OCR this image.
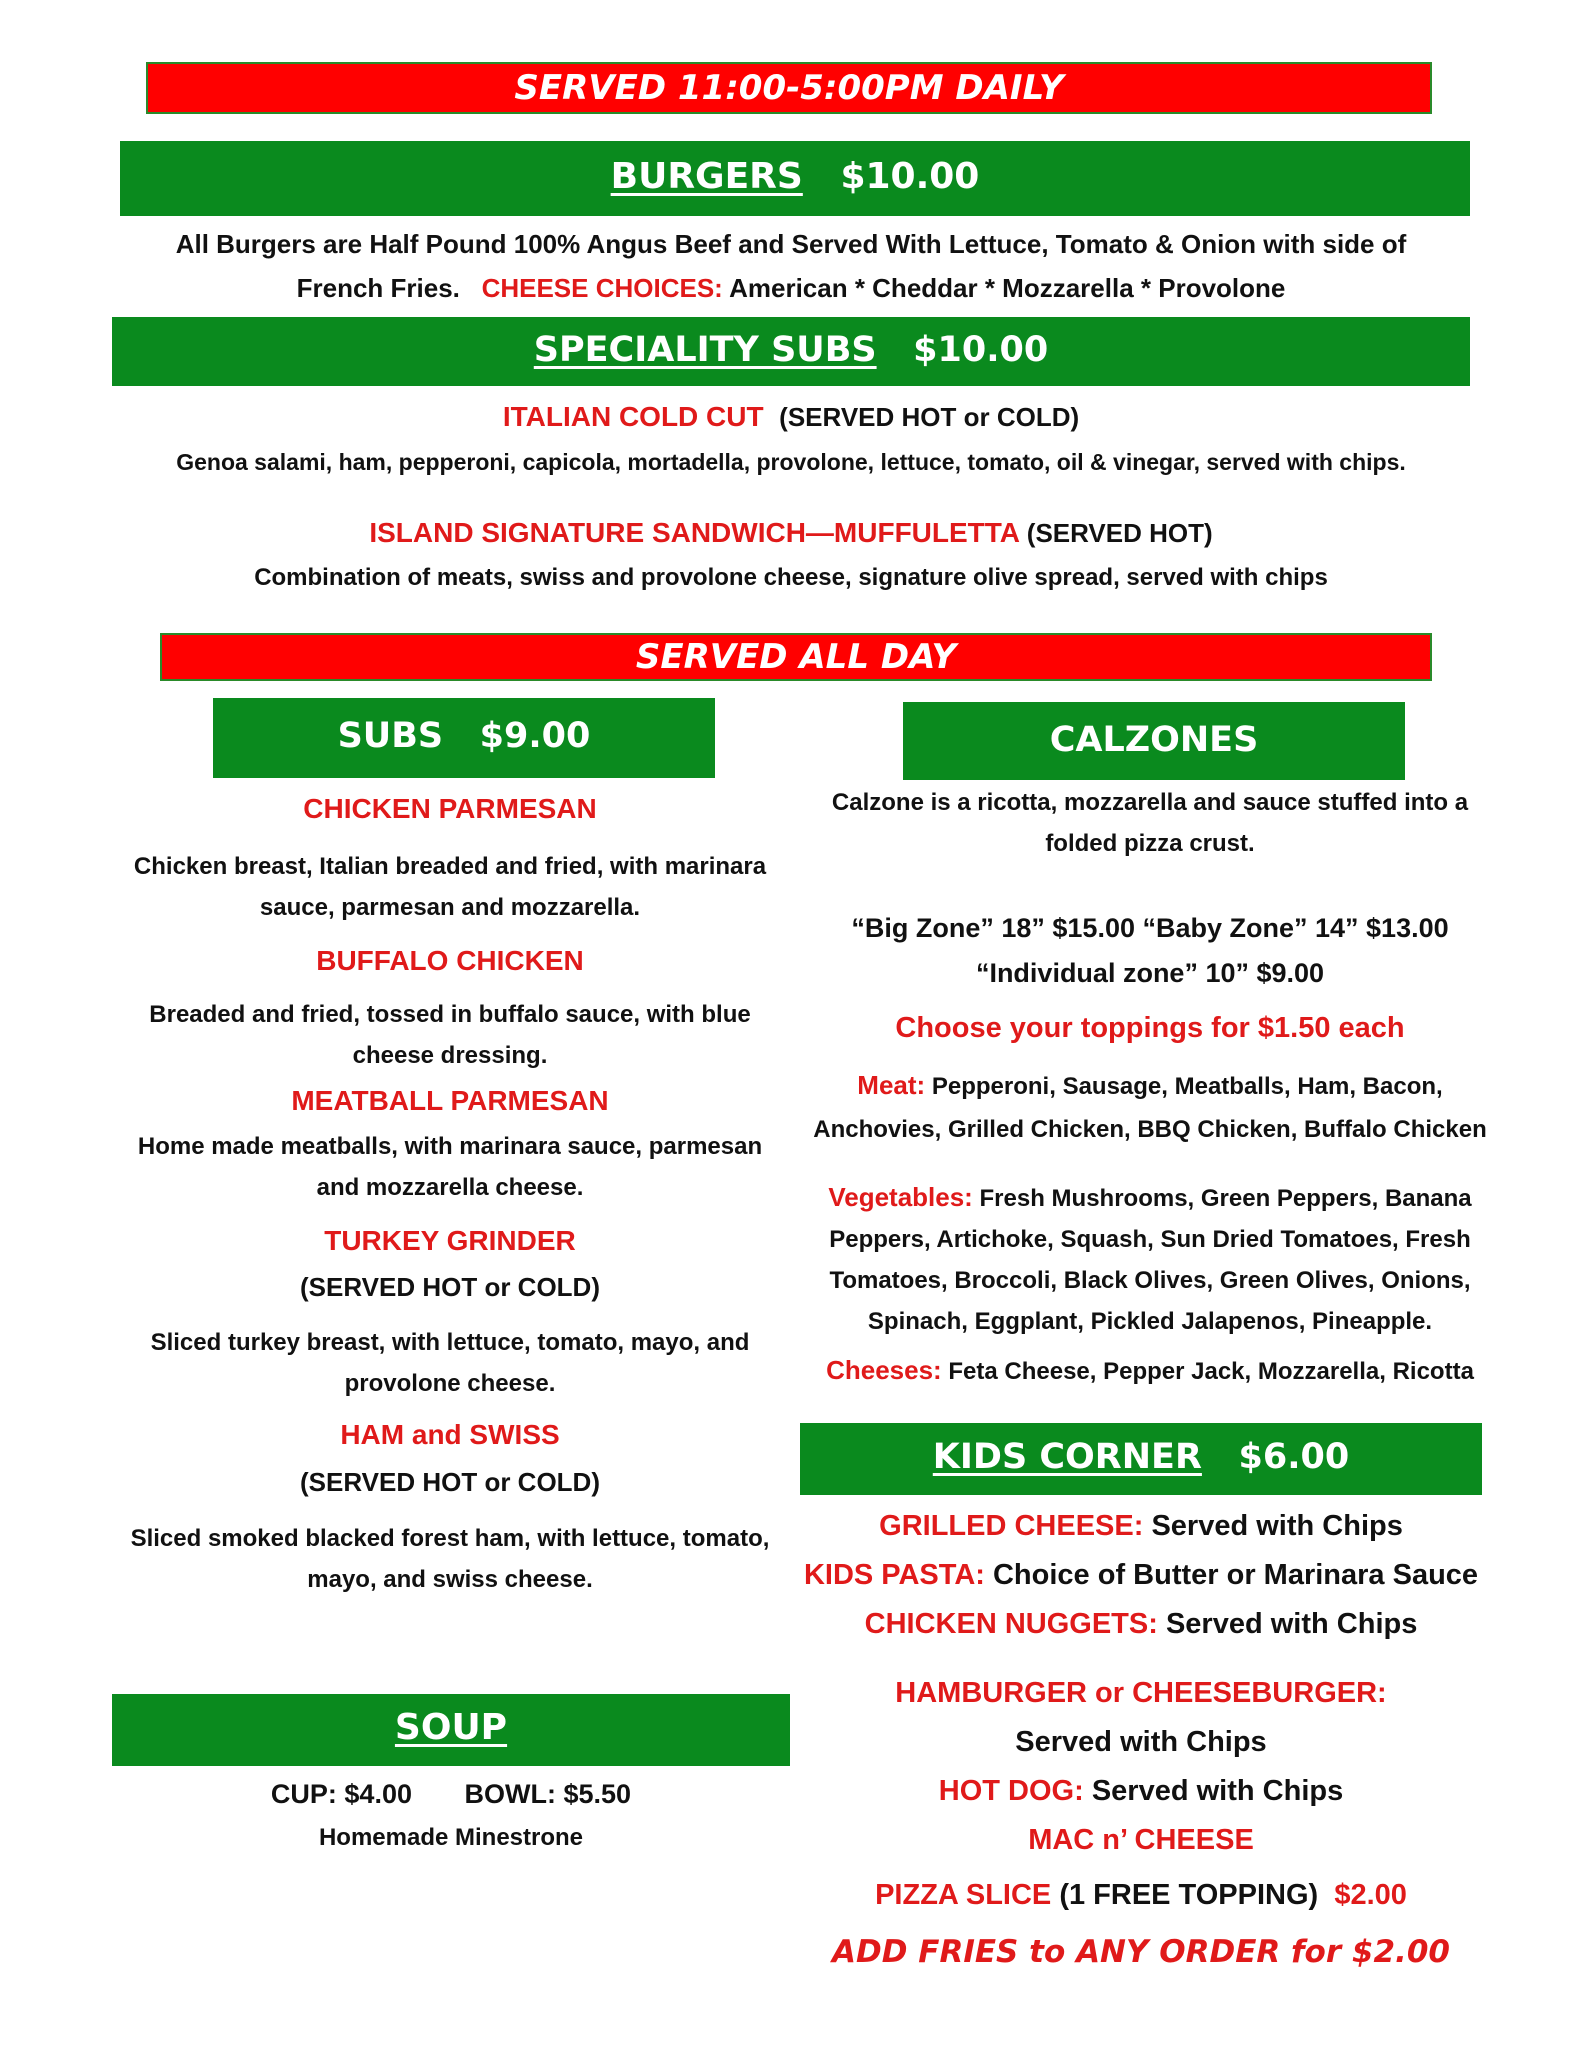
SERVED 11:00-5:00PM DAILY
BURGERS $10.00
All Burgers are Half Pound 100% Angus Beef and Served With Lettuce, Tomato & Onion with side of
French Fries. CHEESE CHOICES: American * Cheddar * Mozzarella * Provolone
SPECIALITY SUBS $10.00
ITALIAN COLD CUT (SERVED HOT or COLD)
Genoa salami, ham, pepperoni, capicola, mortadella, provolone, lettuce, tomato, oil & vinegar, served with chips.
ISLAND SIGNATURE SANDWICH—MUFFULETTA (SERVED HOT)
Combination of meats, swiss and provolone cheese, signature olive spread, served with chips
SERVED ALL DAY
SUBS $9.00
CHICKEN PARMESAN
Chicken breast, Italian breaded and fried, with marinara
sauce, parmesan and mozzarella.
BUFFALO CHICKEN
Breaded and fried, tossed in buffalo sauce, with blue
cheese dressing.
MEATBALL PARMESAN
Home made meatballs, with marinara sauce, parmesan
and mozzarella cheese.
TURKEY GRINDER
(SERVED HOT or COLD)
Sliced turkey breast, with lettuce, tomato, mayo, and
provolone cheese.
HAM and SWISS
(SERVED HOT or COLD)
Sliced smoked blacked forest ham, with lettuce, tomato,
mayo, and swiss cheese.
SOUP
CUP: $4.00 BOWL: $5.50
Homemade Minestrone
CALZONES
Calzone is a ricotta, mozzarella and sauce stuffed into a
folded pizza crust.
“Big Zone” 18” $15.00 “Baby Zone” 14” $13.00
“Individual zone” 10” $9.00
Choose your toppings for $1.50 each
Meat: Pepperoni, Sausage, Meatballs, Ham, Bacon,
Anchovies, Grilled Chicken, BBQ Chicken, Buffalo Chicken
Vegetables: Fresh Mushrooms, Green Peppers, Banana
Peppers, Artichoke, Squash, Sun Dried Tomatoes, Fresh
Tomatoes, Broccoli, Black Olives, Green Olives, Onions,
Spinach, Eggplant, Pickled Jalapenos, Pineapple.
Cheeses: Feta Cheese, Pepper Jack, Mozzarella, Ricotta
KIDS CORNER $6.00
GRILLED CHEESE: Served with Chips
KIDS PASTA: Choice of Butter or Marinara Sauce
CHICKEN NUGGETS: Served with Chips
HAMBURGER or CHEESEBURGER:
Served with Chips
HOT DOG: Served with Chips
MAC n’ CHEESE
PIZZA SLICE (1 FREE TOPPING) $2.00
ADD FRIES to ANY ORDER for $2.00
